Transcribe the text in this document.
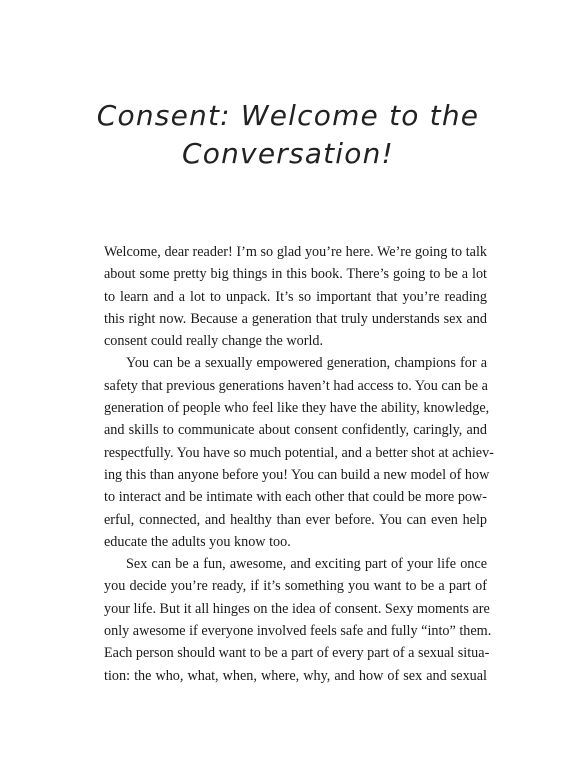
Consent: Welcome to the
Conversation!
Welcome, dear reader! I’m so glad you’re here. We’re going to talk
about some pretty big things in this book. There’s going to be a lot
to learn and a lot to unpack. It’s so important that you’re reading
this right now. Because a generation that truly understands sex and
consent could really change the world.
You can be a sexually empowered generation, champions for a
safety that previous generations haven’t had access to. You can be a
generation of people who feel like they have the ability, knowledge,
and skills to communicate about consent confidently, caringly, and
respectfully. You have so much potential, and a better shot at achiev-
ing this than anyone before you! You can build a new model of how
to interact and be intimate with each other that could be more pow-
erful, connected, and healthy than ever before. You can even help
educate the adults you know too.
Sex can be a fun, awesome, and exciting part of your life once
you decide you’re ready, if it’s something you want to be a part of
your life. But it all hinges on the idea of consent. Sexy moments are
only awesome if everyone involved feels safe and fully “into” them.
Each person should want to be a part of every part of a sexual situa-
tion: the who, what, when, where, why, and how of sex and sexual
